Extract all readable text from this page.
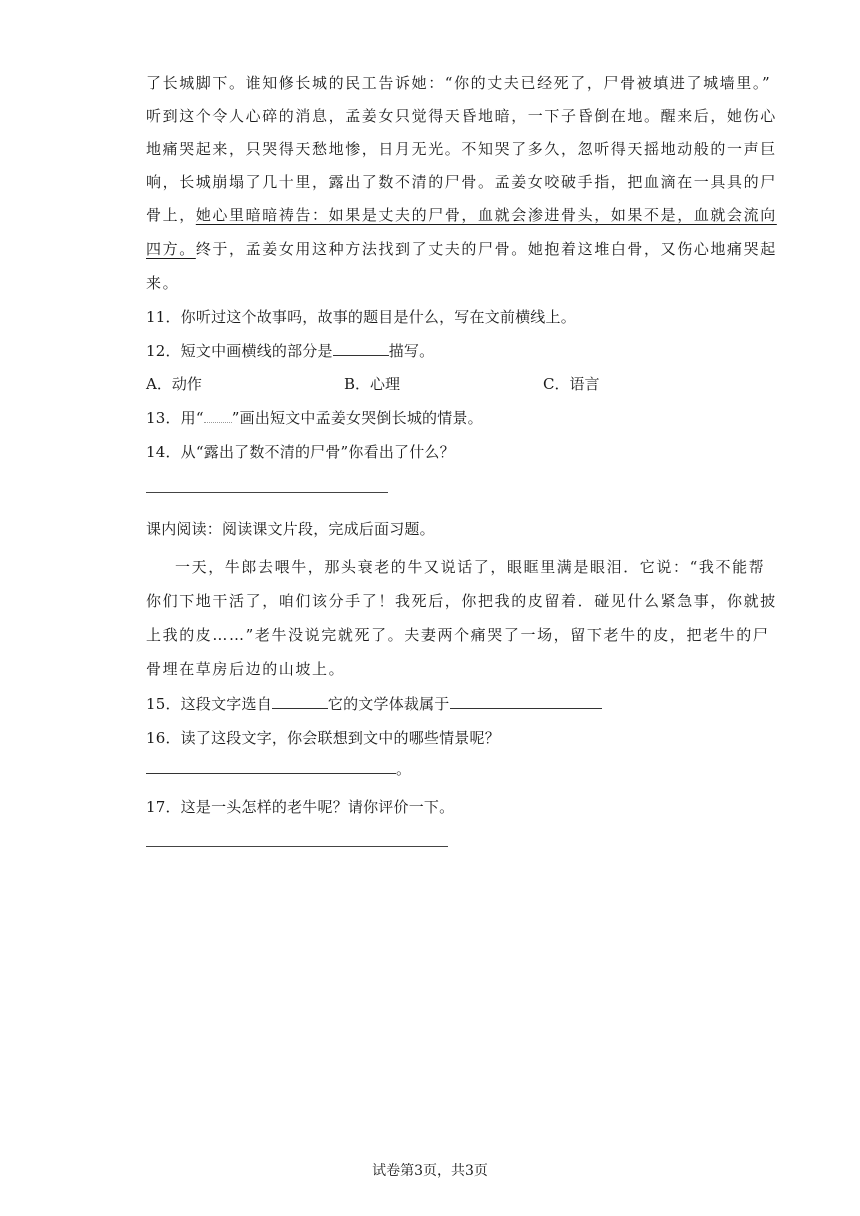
了长城脚下。谁知修长城的民工告诉她：“你的丈夫已经死了，尸骨被填进了城墙里。”
听到这个令人心碎的消息，孟姜女只觉得天昏地暗，一下子昏倒在地。醒来后，她伤心
地痛哭起来，只哭得天愁地惨，日月无光。不知哭了多久，忽听得天摇地动般的一声巨
响，长城崩塌了几十里，露出了数不清的尸骨。孟姜女咬破手指，把血滴在一具具的尸
骨上，她心里暗暗祷告：如果是丈夫的尸骨，血就会渗进骨头，如果不是，血就会流向
四方。终于，孟姜女用这种方法找到了丈夫的尸骨。她抱着这堆白骨，又伤心地痛哭起
来。
11．你听过这个故事吗，故事的题目是什么，写在文前横线上。
12．短文中画横线的部分是	描写。
A．动作	B．心理	C．语言
13．用“ ”画出短文中孟姜女哭倒长城的情景。
14．从“露出了数不清的尸骨”你看出了什么？
课内阅读：阅读课文片段，完成后面习题。
一天，牛郎去喂牛，那头衰老的牛又说话了，眼眶里满是眼泪．它说：“我不能帮
你们下地干活了，咱们该分手了！我死后，你把我的皮留着．碰见什么紧急事，你就披
上我的皮……”老牛没说完就死了。夫妻两个痛哭了一场，留下老牛的皮，把老牛的尸
骨埋在草房后边的山坡上。
15．这段文字选自	它的文学体裁属于
16．读了这段文字，你会联想到文中的哪些情景呢？
。
17．这是一头怎样的老牛呢？请你评价一下。
试卷第3页，共3页
